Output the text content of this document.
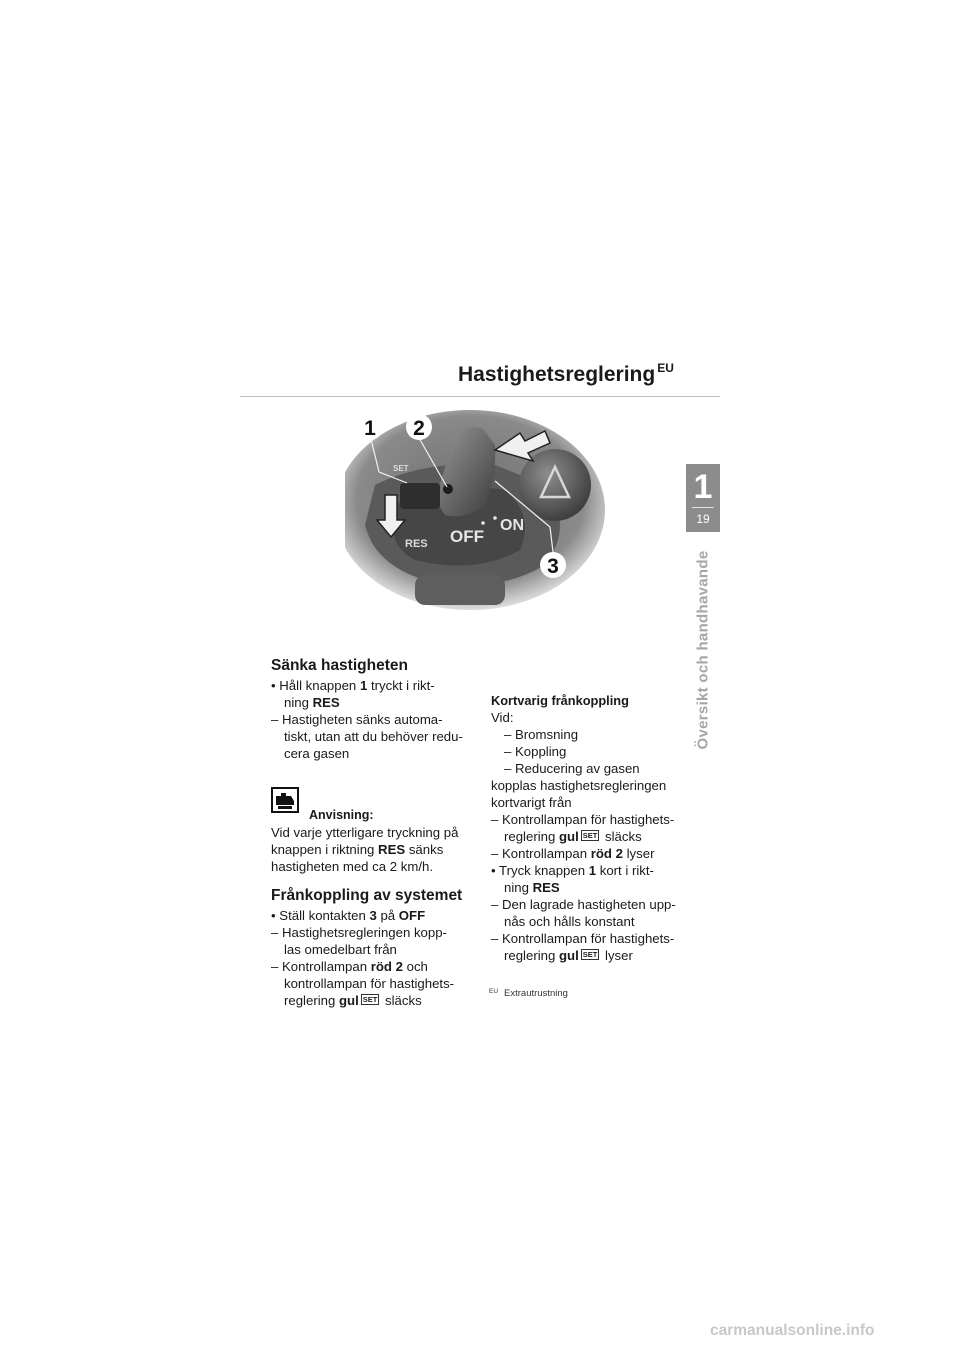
Hastighetsreglering $^{EU}$
SET
RES OFF
ON
1 2
3
1
19
Översikt och handhavande
Sänka hastigheten
• Håll knappen 1 tryckt i rikt-
ning RES
– Hastigheten sänks automa-
tiskt, utan att du behöver redu-
cera gasen
Anvisning:
Vid varje ytterligare tryckning på
knappen i riktning RES sänks
hastigheten med ca 2 km/h.
Frånkoppling av systemet
• Ställ kontakten 3 på OFF
– Hastighetsregleringen kopp-
las omedelbart från
– Kontrollampan röd 2 och
kontrollampan för hastighets-
reglering gul SET släcks
Kortvarig frånkoppling
Vid:
– Bromsning
– Koppling
– Reducering av gasen
kopplas hastighetsregleringen
kortvarigt från
– Kontrollampan för hastighets-
reglering gul SET släcks
– Kontrollampan röd 2 lyser
• Tryck knappen 1 kort i rikt-
ning RES
– Den lagrade hastigheten upp-
nås och hålls konstant
– Kontrollampan för hastighets-
reglering gul SET lyser
$^{EU}$ Extrautrustning
carmanualsonline.info
